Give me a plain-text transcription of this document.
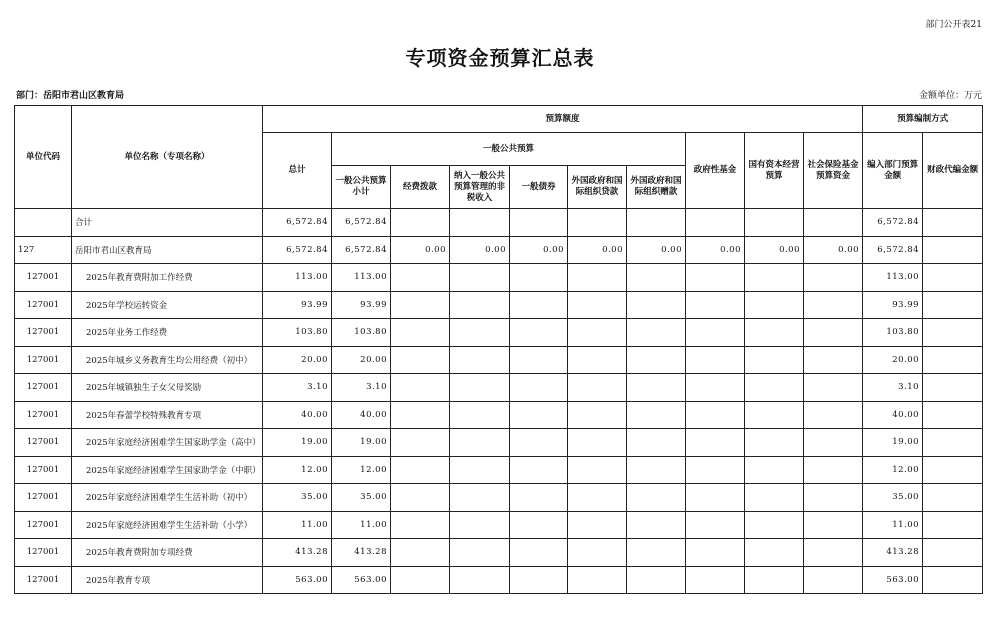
部门公开表21
专项资金预算汇总表
部门：岳阳市君山区教育局	金额单位：万元
单位代码	单位名称（专项名称）	预算额度										预算编制方式	
		总计	一般公共预算						政府性基金	国有资本经营预算	社会保险基金预算资金	编入部门预算金额	财政代编金额
			一般公共预算小计	经费拨款	纳入一般公共预算管理的非税收入	一般债券	外国政府和国际组织贷款	外国政府和国际组织赠款					
	合计	6,572.84	6,572.84									6,572.84	
127	岳阳市君山区教育局	6,572.84	6,572.84	0.00	0.00	0.00	0.00	0.00	0.00	0.00	0.00	6,572.84	
127001	2025年教育费附加工作经费	113.00	113.00									113.00	
127001	2025年学校运转资金	93.99	93.99									93.99	
127001	2025年业务工作经费	103.80	103.80									103.80	
127001	2025年城乡义务教育生均公用经费（初中）	20.00	20.00									20.00	
127001	2025年城镇独生子女父母奖励	3.10	3.10									3.10	
127001	2025年春蕾学校特殊教育专项	40.00	40.00									40.00	
127001	2025年家庭经济困难学生国家助学金（高中）	19.00	19.00									19.00	
127001	2025年家庭经济困难学生国家助学金（中职）	12.00	12.00									12.00	
127001	2025年家庭经济困难学生生活补助（初中）	35.00	35.00									35.00	
127001	2025年家庭经济困难学生生活补助（小学）	11.00	11.00									11.00	
127001	2025年教育费附加专项经费	413.28	413.28									413.28	
127001	2025年教育专项	563.00	563.00									563.00	
